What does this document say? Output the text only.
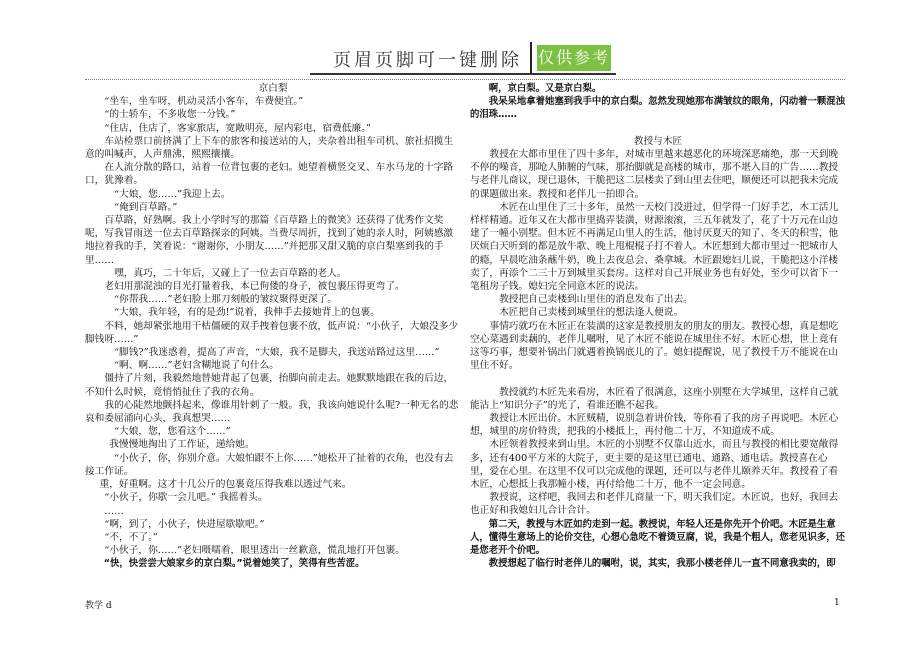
页眉页脚可一键删除 仅供参考

京白梨

“坐车，坐车呀，机动灵活小客车，车费便宜。”

“的士轿车，不多收您一分钱。”

“住店，住店了，客家旅店，宽敞明亮，屋内彩电，宿费低廉。”

车站检票口前挤满了上下车的旅客和接送站的人，夹杂着出租车司机、旅社招揽生意的叫喊声，人声鼎沸，熙熙攘攘。

在人流分散的路口，站着一位背包裹的老妇。她望着横竖交叉、车水马龙的十字路口，犹豫着。

“大娘，您……”我迎上去。

“俺到百草路。”

百草路，好熟啊。我上小学时写的那篇《百草路上的微笑》还获得了优秀作文奖呢，写我冒雨送一位去百草路探亲的阿姨。当费尽周折，找到了她的亲人时，阿姨感激地拉着我的手，笑着说：“谢谢你，小朋友……”并把那又甜又脆的京白梨塞到我的手里……

嘿，真巧，二十年后，又碰上了一位去百草路的老人。

老妇用那混浊的目光打量着我，本已佝偻的身子，被包裹压得更弯了。

“你帮我……”老妇脸上那刀刻般的皱纹聚得更深了。

“大娘，我年轻，有的是劲!”说着，我伸手去接她背上的包裹。

不料，她却紧张地用干枯僵硬的双手拽着包裹不放，低声说：“小伙子，大娘没多少脚钱呀……”

“脚钱?”我迷惑着，提高了声音，“大娘，我不是脚夫，我送站路过这里……”

“啊、啊……”老妇含糊地说了句什么。

僵持了片刻，我毅然地替她背起了包裹，抬脚向前走去。她默默地跟在我的后边，不知什么时候，竟悄悄扯住了我的衣角。

我的心陡然地颤抖起来，像谁用针刺了一般。我，我该向她说什么呢?一种无名的悲哀和委屈涌向心头，我真想哭……

“大娘，您，您看这个……”

我慢慢地掏出了工作证，递给她。

“小伙子，你，你别介意。大娘怕跟不上你……”她松开了扯着的衣角，也没有去接工作证。

重，好重啊。这才十几公斤的包裹竟压得我难以透过气来。

“小伙子，你歇一会儿吧。” 我摇着头。

……

“啊，到了，小伙子，快进屋歇歇吧。”

“不，不了。”

“小伙子，你……”老妇嗫嚅着，眼里透出一丝歉意，慌乱地打开包裹。

“快，快尝尝大娘家乡的京白梨。”说着她笑了，笑得有些苦涩。

啊，京白梨。又是京白梨。

我呆呆地拿着她塞到我手中的京白梨。忽然发现她那布满皱纹的眼角，闪动着一颗混浊的泪珠……

教授与木匠

教授在大都市里住了四十多年，对城市里越来越恶化的环境深恶痛绝，那一天到晚不停的噪音，那呛人肺腑的气味，那抬脚就是高楼的城市，那不堪入目的广告……教授与老伴儿商议，现已退休，干脆把这二层楼卖了到山里去住吧，顺便还可以把我未完成的课题做出来。教授和老伴儿一拍即合。

木匠在山里住了三十多年，虽然一天校门没进过，但学得一门好手艺，木工活儿样样精通。近年又在大都市里捣弄装潢，财源滚滚，三五年就发了，花了十万元在山边建了一幢小别墅。但木匠不再满足山里人的生活，他讨厌夏天的知了、冬天的积雪，他厌烦白天听到的都是放牛歌、晚上甩棍棍子打不着人。木匠想到大都市里过一把城市人的瘾，早晨吃油条蘸牛奶，晚上去夜总会、桑拿城。木匠跟媳妇儿说，干脆把这小洋楼卖了，再添个二三十万到城里买套房。这样对自己开展业务也有好处，至少可以省下一笔租房子钱。媳妇完全同意木匠的说法。

教授把自己卖楼到山里住的消息发布了出去。

木匠把自己卖楼到城里住的想法逢人便说。

事情巧就巧在木匠正在装潢的这家是教授朋友的朋友的朋友。教授心想，真是想吃空心菜遇到卖藕的，老伴儿嘱咐，见了木匠不能说在城里住不好。木匠心想，世上竟有这等巧事，想要补锅出门就遇着换锅底儿的了。媳妇提醒说，见了教授千万不能说在山里住不好。

教授就约木匠先来看房，木匠看了很满意，这座小别墅在大学城里，这样自己就能沾上“知识分子”的光了，看谁还瞧不起我。

教授让木匠出价。木匠贼精，说别急着讲价钱，等你看了我的房子再说吧。木匠心想，城里的房价特贵，把我的小楼抵上，再付他二十万，不知道成不成。

木匠领着教授来到山里。木匠的小别墅不仅靠山近水，而且与教授的相比要宽敞得多，还有400平方米的大院子，更主要的是这里已通电、通路、通电话。教授喜在心里，爱在心里。在这里不仅可以完成他的课题，还可以与老伴儿颐养天年。教授看了看木匠，心想抵上我那幢小楼，再付给他二十万，他不一定会同意。

教授说，这样吧，我回去和老伴儿商量一下，明天我们定。木匠说，也好，我回去也正好和我媳妇儿合计合计。

第二天，教授与木匠如约走到一起。教授说，年轻人还是你先开个价吧。木匠是生意人，懂得生意场上的论价交往，心想心急吃不着烫豆腐，说，我是个粗人，您老见识多，还是您老开个价吧。

教授想起了临行时老伴儿的嘱咐，说，其实，我那小楼老伴儿一直不同意我卖的，即

教学 d	1
